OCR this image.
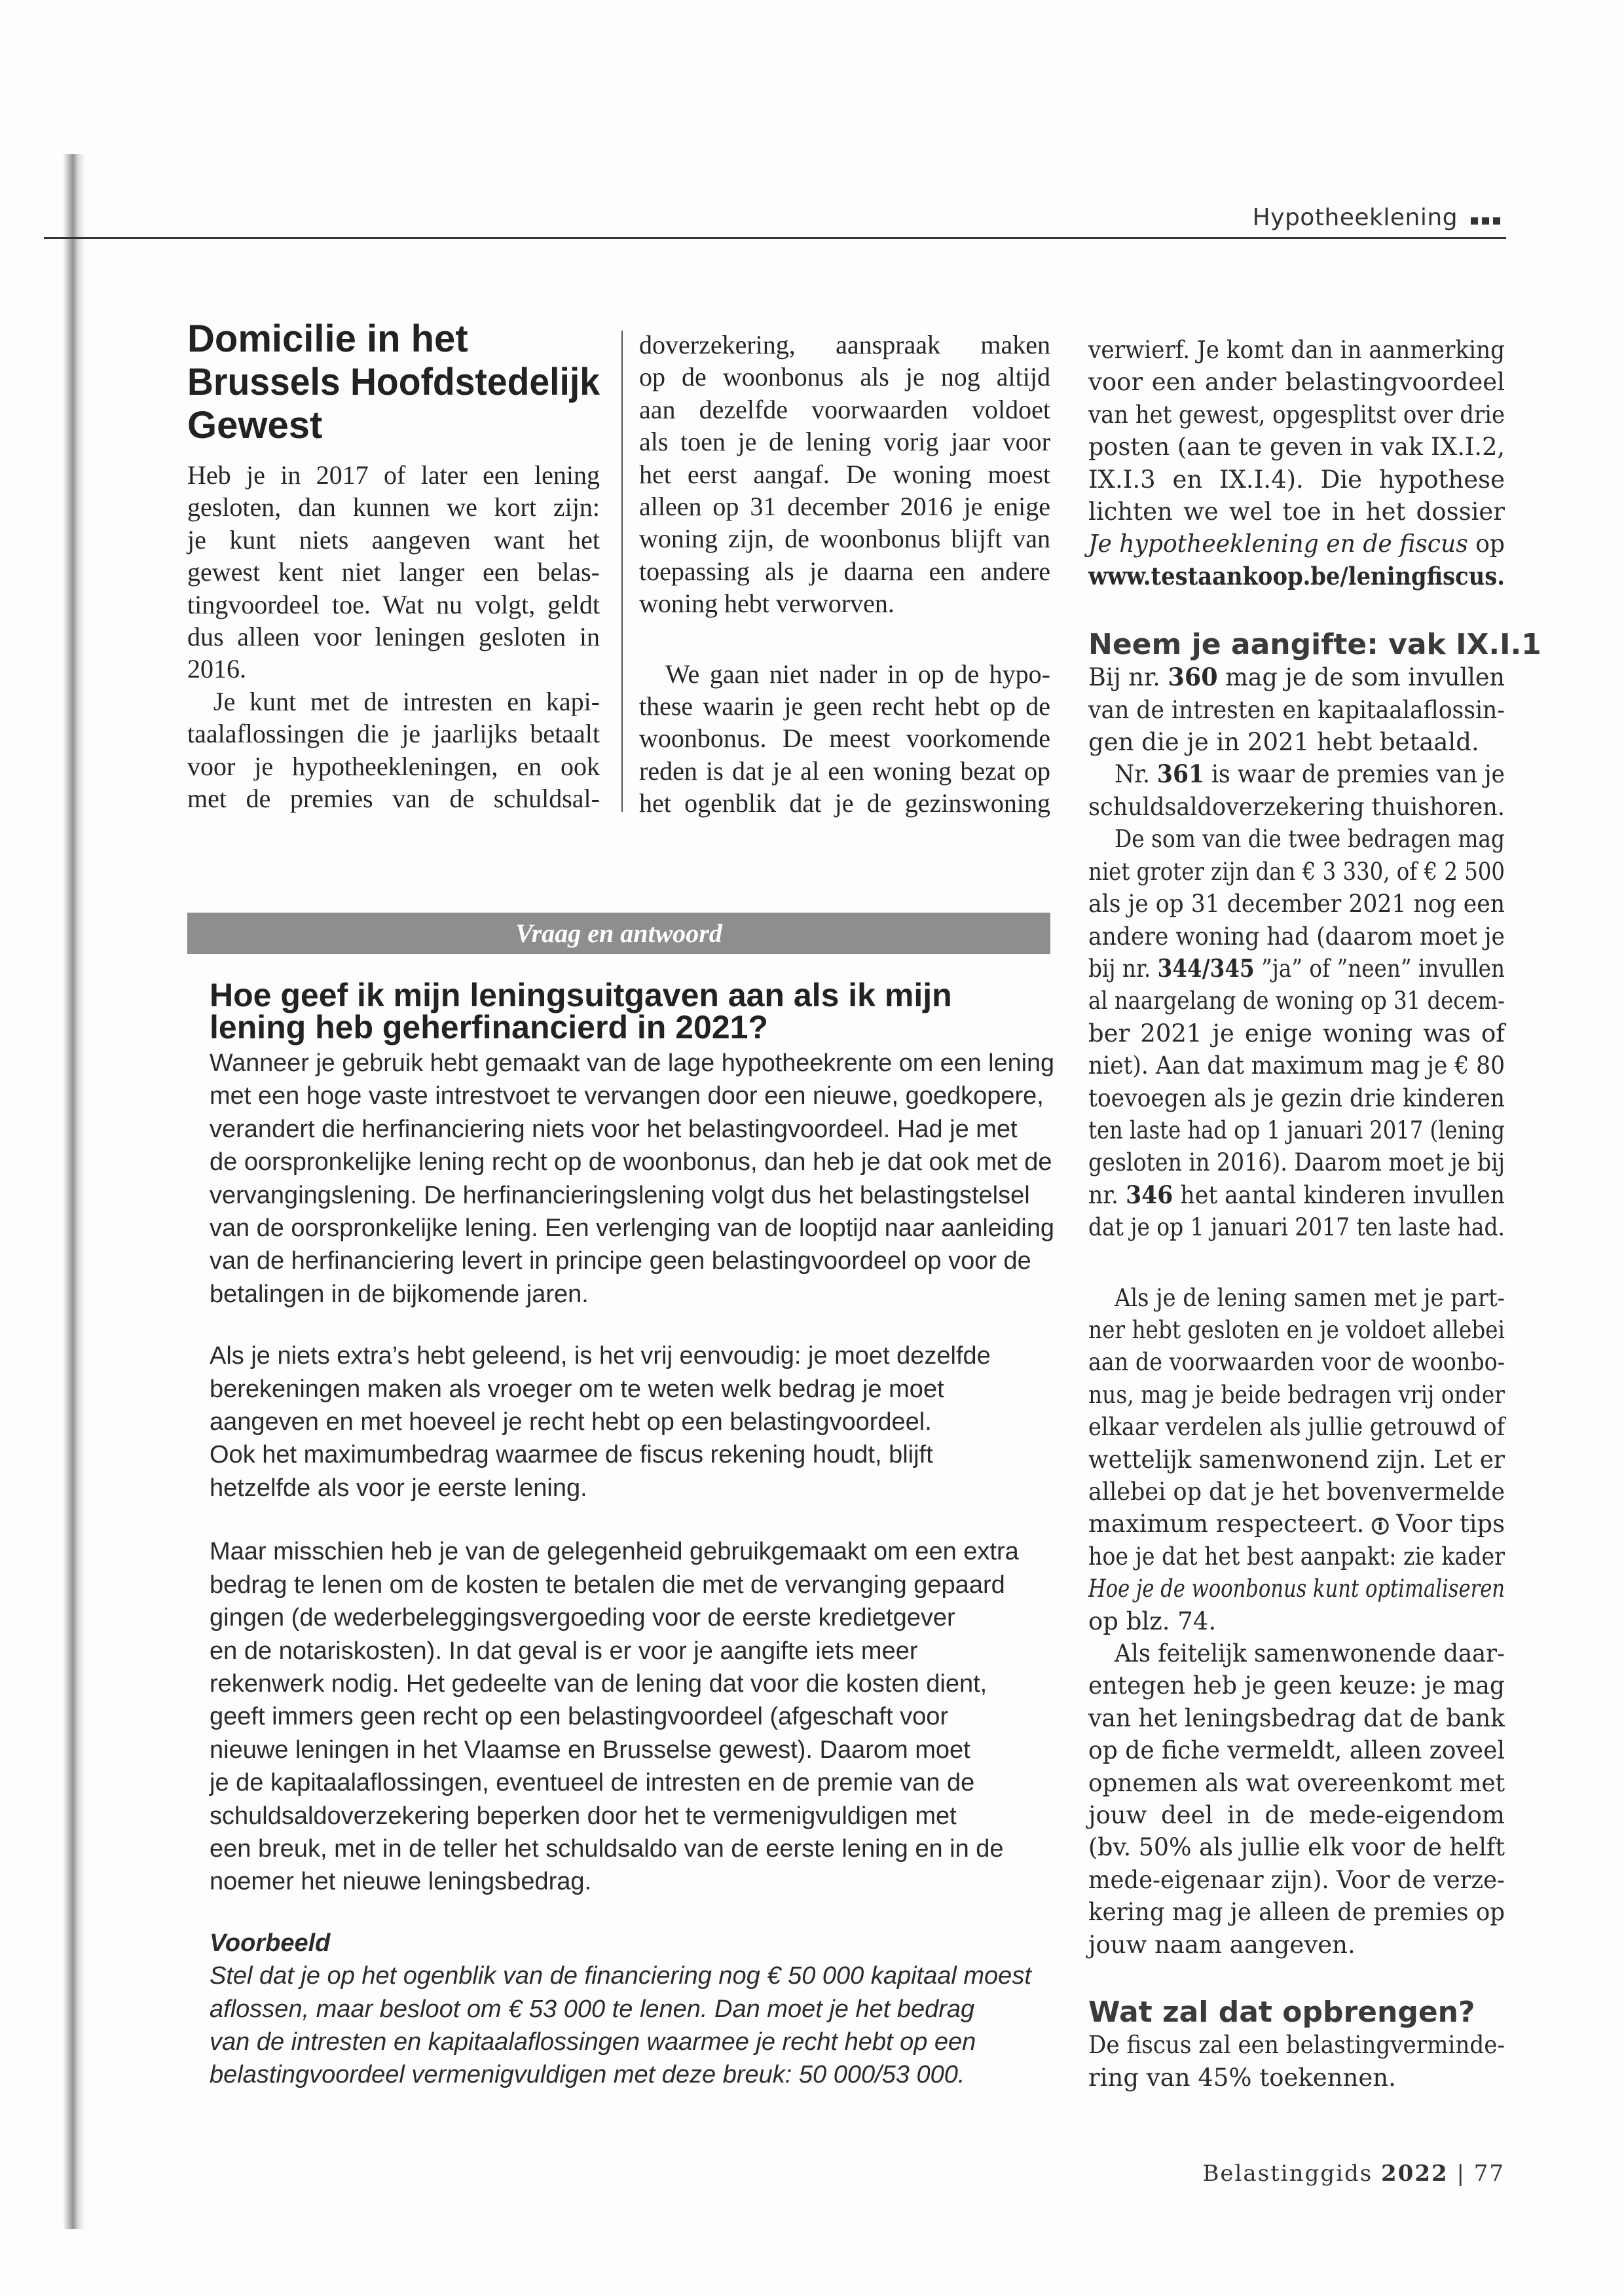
Hypotheeklening
Domicilie in het
Brussels Hoofdstedelijk
Gewest
Heb je in 2017 of later een lening
gesloten, dan kunnen we kort zijn:
je kunt niets aangeven want het
gewest kent niet langer een belas-
tingvoordeel toe. Wat nu volgt, geldt
dus alleen voor leningen gesloten in
2016.
Je kunt met de intresten en kapi-
taalaflossingen die je jaarlijks betaalt
voor je hypotheekleningen, en ook
met de premies van de schuldsal-
doverzekering, aanspraak maken
op de woonbonus als je nog altijd
aan dezelfde voorwaarden voldoet
als toen je de lening vorig jaar voor
het eerst aangaf. De woning moest
alleen op 31 december 2016 je enige
woning zijn, de woonbonus blijft van
toepassing als je daarna een andere
woning hebt verworven.
We gaan niet nader in op de hypo-
these waarin je geen recht hebt op de
woonbonus. De meest voorkomende
reden is dat je al een woning bezat op
het ogenblik dat je de gezinswoning
verwierf. Je komt dan in aanmerking
voor een ander belastingvoordeel
van het gewest, opgesplitst over drie
posten (aan te geven in vak IX.I.2,
IX.I.3 en IX.I.4). Die hypothese
lichten we wel toe in het dossier
Je hypotheeklening en de fiscus op
www.testaankoop.be/leningfiscus.
Neem je aangifte: vak IX.I.1
Bij nr. 360 mag je de som invullen
van de intresten en kapitaalaflossin-
gen die je in 2021 hebt betaald.
Nr. 361 is waar de premies van je
schuldsaldoverzekering thuishoren.
De som van die twee bedragen mag
niet groter zijn dan € 3 330, of € 2 500
als je op 31 december 2021 nog een
andere woning had (daarom moet je
bij nr. 344/345 ”ja” of ”neen” invullen
al naargelang de woning op 31 decem-
ber 2021 je enige woning was of
niet). Aan dat maximum mag je € 80
toevoegen als je gezin drie kinderen
ten laste had op 1 januari 2017 (lening
gesloten in 2016). Daarom moet je bij
nr. 346 het aantal kinderen invullen
dat je op 1 januari 2017 ten laste had.
Als je de lening samen met je part-
ner hebt gesloten en je voldoet allebei
aan de voorwaarden voor de woonbo-
nus, mag je beide bedragen vrij onder
elkaar verdelen als jullie getrouwd of
wettelijk samenwonend zijn. Let er
allebei op dat je het bovenvermelde
maximum respecteert. i Voor tips
hoe je dat het best aanpakt: zie kader
Hoe je de woonbonus kunt optimaliseren
op blz. 74.
Als feitelijk samenwonende daar-
entegen heb je geen keuze: je mag
van het leningsbedrag dat de bank
op de fiche vermeldt, alleen zoveel
opnemen als wat overeenkomt met
jouw deel in de mede-eigendom
(bv. 50% als jullie elk voor de helft
mede-eigenaar zijn). Voor de verze-
kering mag je alleen de premies op
jouw naam aangeven.
Wat zal dat opbrengen?
De fiscus zal een belastingverminde-
ring van 45% toekennen.
Vraag en antwoord
Hoe geef ik mijn leningsuitgaven aan als ik mijn
lening heb geherfinancierd in 2021?
Wanneer je gebruik hebt gemaakt van de lage hypotheekrente om een lening
met een hoge vaste intrestvoet te vervangen door een nieuwe, goedkopere,
verandert die herfinanciering niets voor het belastingvoordeel. Had je met
de oorspronkelijke lening recht op de woonbonus, dan heb je dat ook met de
vervangingslening. De herfinancieringslening volgt dus het belastingstelsel
van de oorspronkelijke lening. Een verlenging van de looptijd naar aanleiding
van de herfinanciering levert in principe geen belastingvoordeel op voor de
betalingen in de bijkomende jaren.
Als je niets extra’s hebt geleend, is het vrij eenvoudig: je moet dezelfde
berekeningen maken als vroeger om te weten welk bedrag je moet
aangeven en met hoeveel je recht hebt op een belastingvoordeel.
Ook het maximumbedrag waarmee de fiscus rekening houdt, blijft
hetzelfde als voor je eerste lening.
Maar misschien heb je van de gelegenheid gebruikgemaakt om een extra
bedrag te lenen om de kosten te betalen die met de vervanging gepaard
gingen (de wederbeleggingsvergoeding voor de eerste kredietgever
en de notariskosten). In dat geval is er voor je aangifte iets meer
rekenwerk nodig. Het gedeelte van de lening dat voor die kosten dient,
geeft immers geen recht op een belastingvoordeel (afgeschaft voor
nieuwe leningen in het Vlaamse en Brusselse gewest). Daarom moet
je de kapitaalaflossingen, eventueel de intresten en de premie van de
schuldsaldoverzekering beperken door het te vermenigvuldigen met
een breuk, met in de teller het schuldsaldo van de eerste lening en in de
noemer het nieuwe leningsbedrag.
Voorbeeld
Stel dat je op het ogenblik van de financiering nog € 50 000 kapitaal moest
aflossen, maar besloot om € 53 000 te lenen. Dan moet je het bedrag
van de intresten en kapitaalaflossingen waarmee je recht hebt op een
belastingvoordeel vermenigvuldigen met deze breuk: 50 000/53 000.
Belastinggids 2022 | 77
